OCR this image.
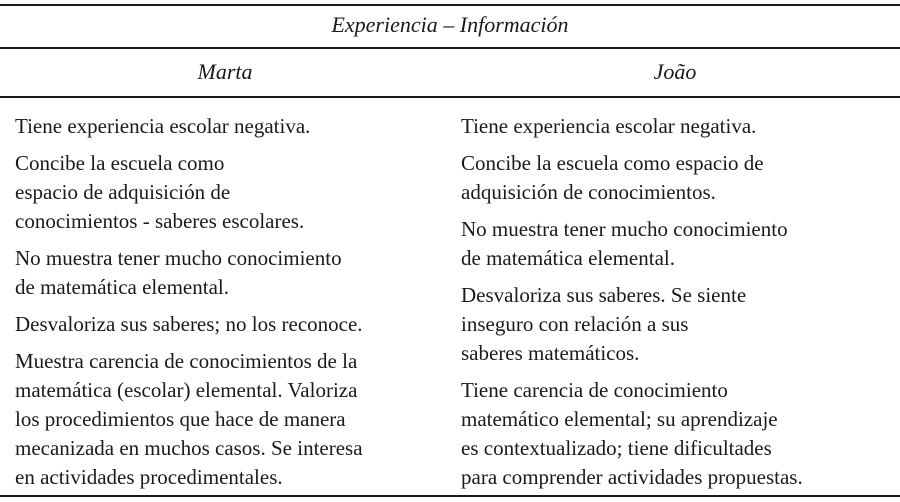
Experiencia – Información
Marta	João
Tiene experiencia escolar negativa.
Concibe la escuela como
espacio de adquisición de
conocimientos - saberes escolares.
No muestra tener mucho conocimiento
de matemática elemental.
Desvaloriza sus saberes; no los reconoce.
Muestra carencia de conocimientos de la
matemática (escolar) elemental. Valoriza
los procedimientos que hace de manera
mecanizada en muchos casos. Se interesa
en actividades procedimentales.
Tiene experiencia escolar negativa.
Concibe la escuela como espacio de
adquisición de conocimientos.
No muestra tener mucho conocimiento
de matemática elemental.
Desvaloriza sus saberes. Se siente
inseguro con relación a sus
saberes matemáticos.
Tiene carencia de conocimiento
matemático elemental; su aprendizaje
es contextualizado; tiene dificultades
para comprender actividades propuestas.
